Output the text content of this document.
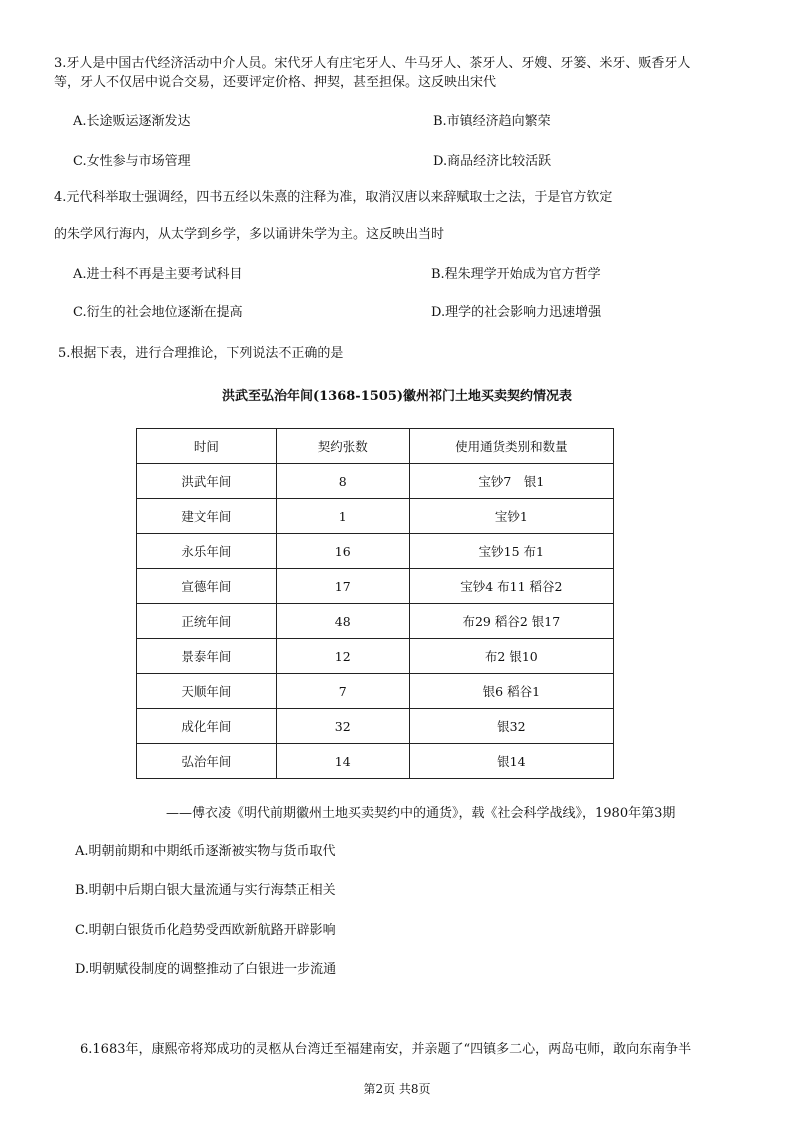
3.牙人是中国古代经济活动中介人员。宋代牙人有庄宅牙人、牛马牙人、茶牙人、牙嫂、牙篓、米牙、贩香牙人
等，牙人不仅居中说合交易，还要评定价格、押契，甚至担保。这反映出宋代
A.长途贩运逐渐发达	B.市镇经济趋向繁荣
C.女性参与市场管理	D.商品经济比较活跃
4.元代科举取士强调经，四书五经以朱熹的注释为准，取消汉唐以来辞赋取士之法，于是官方钦定
的朱学风行海内，从太学到乡学，多以诵讲朱学为主。这反映出当时
A.进士科不再是主要考试科目	B.程朱理学开始成为官方哲学
C.衍生的社会地位逐渐在提高	D.理学的社会影响力迅速增强
5.根据下表，进行合理推论，下列说法不正确的是
洪武至弘治年间(1368-1505)徽州祁门土地买卖契约情况表
时间	契约张数	使用通货类别和数量
洪武年间	8	宝钞7　银1
建文年间	1	宝钞1
永乐年间	16	宝钞15 布1
宣德年间	17	宝钞4 布11 稻谷2
正统年间	48	布29 稻谷2 银17
景泰年间	12	布2 银10
天顺年间	7	银6 稻谷1
成化年间	32	银32
弘治年间	14	银14
——傅衣凌《明代前期徽州土地买卖契约中的通货》，载《社会科学战线》，1980年第3期
A.明朝前期和中期纸币逐渐被实物与货币取代
B.明朝中后期白银大量流通与实行海禁正相关
C.明朝白银货币化趋势受西欧新航路开辟影响
D.明朝赋役制度的调整推动了白银进一步流通
6.1683年，康熙帝将郑成功的灵柩从台湾迁至福建南安，并亲题了“四镇多二心，两岛屯师，敢向东南争半
第2页 共8页
